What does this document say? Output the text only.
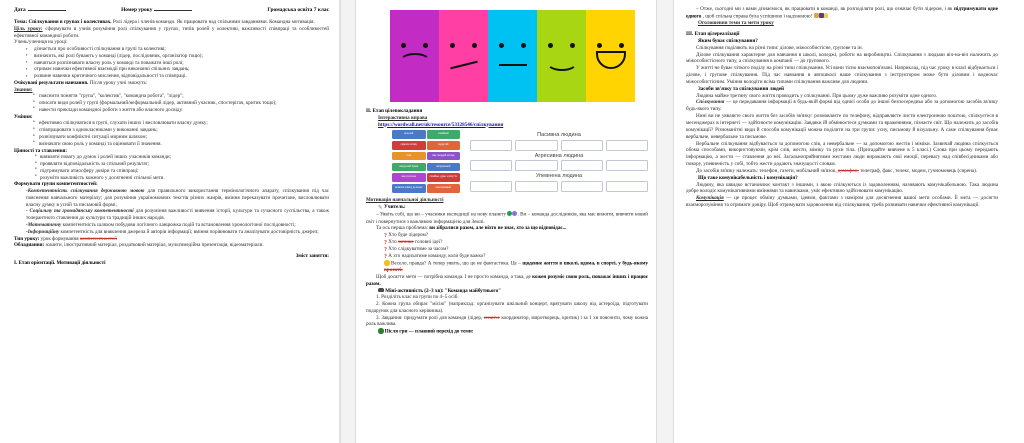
Дата	Номер уроку	Громадська освіта 7 клас

Тема: Спілкування в групах і колективах. Ролі лідера і членів команди. Як працювати над спільними завданнями. Командна мотивація.

Ціль уроку: сформувати в учнів розуміння ролі спілкування у групах, типів ролей у колективі, важливості співпраці та особливостей ефективної командної роботи.

Учень/учениця на уроці:

▪ дізнається про особливості спілкування в групі та колективі;
▪ визначить, які ролі бувають у команді (лідер, послідовник, організатор тощо);
▪ навчиться розпізнавати власну роль у команді та поважати інші ролі;
▪ отримає навички ефективної взаємодії при виконанні спільних завдань;
▪ розвине навички критичного мислення, відповідальності та співпраці.

Очікувані результати навчання. Після уроку учні зможуть:

Знання:

• пояснити поняття "група", "колектив", "командна робота", "лідер";
• описати види ролей у групі (формальний/неформальний лідер, активний учасник, спостерігач, критик тощо);
• навести приклади командної роботи з життя або власного досвіду.

Уміння:

• ефективно спілкуватися в групі, слухати інших і висловлювати власну думку;
• співпрацювати з однокласниками у виконанні завдань;
• розв'язувати конфліктні ситуації мирним шляхом;
• визначати свою роль у команді та оцінювати її значення.

Цінності та ставлення:

• виявляти повагу до думок і ролей інших учасників команди;
• проявляти відповідальність за спільний результат;
• підтримувати атмосферу довіри та співпраці;
• розуміти важливість кожного у досягненні спільної мети.

Формувати групи компетентностей:

-Компетентність спілкування державною мовою для правильного використання термінологічного апарату, спілкування під час пояснення навчального матеріалу; для розуміння україномовних текстів різних жанрів, вміння переказувати прочитане, висловлювати власну думку в усній та письмовій формі;

- Соціальну та громадянську компетентності для розуміння важливості вивчення історії, культури та сучасного суспільства, а також толерантного ставлення до культури та традицій інших народів.

-Математичну компетентність шляхом побудови логічного ланцюжка подій та встановлення хронологічної послідовності;

-Інформаційну компетентність для виявлення джерела й авторів інформації; вміння порівнювати та аналізувати достовірність джерел;

Тип уроку: урок формування компетентностей

Обладнання: зошити, ілюстративний матеріал, роздатковий матеріал, мультимедійна презентація, відеоматеріали.

Зміст заняття:

I. Етап орієнтації. Мотивації діяльності

II. Етап цілепокладання

Інтерактивна вправа

https://wordwall.net/uk/resource/53328546/спілкування

рішучий	спокійний
підняти голову	сердитий
тихо	має твердий погляд
нахурений брови	натуральний
має уголосно	спокійно, дуже з почуття
виявляє повагу до інших	нерозкований
Пасивна людина
Агресивна людина
Упевнена людина

Мотивація навчальної діяльності

✎ Учитель:

– Уявіть собі, що ви – учасники експедиції на нову планету . Ви – команда дослідників, яка має вижити, вивчити новий світ і повернутися з важливою інформацією для Землі.

Та ось перша проблема: ви зібралися разом, але ніхто не знає, хто за що відповідає...

? Хто буде лідером?

? Хто запише головні ідеї?

? Хто слідкуватиме за часом?

? А хто надихатиме команду, коли буде важко?

Весело, правда? А тепер уявіть, що це не фантастика. Це – щоденне життя в школі, вдома, в спорті, у будь-якому проєкті.

Щоб досягти мети — потрібна команда. І не просто команда, а така, де кожен розуміє свою роль, поважає інших і працює разом.

Міні-активність (2–3 хв): "Команда майбутнього"

1. Розділіть клас на групи по 4–5 осіб.

2. Кожна група обирає "місію" (наприклад: організувати шкільний концерт, врятувати школу від астероїда, підготувати подарунок для класного керівника).

3. Завдання: придумати ролі для команди (лідер, creative координатор, миротворець, критик) і за 1 хв пояснити, чому кожна роль важлива.

Після гри — плавний перехід до теми:

– Отже, сьогодні ми з вами дізнаємося, як працювати в команді, як розподіляти ролі, що означає бути лідером, і як підтримувати одне одного , щоб спільна справа була успішною і надхненою!

Оголошення теми та мети уроку

III. Етап цілереалізації

Яким буває спілкування?

Спілкування поділяють на різні типи: ділове, міжособистісне, групове та ін.

Ділове спілкування характерне для навчання в школі, коледжі, роботи на виробництві. Спілкування з людьми віч-на-віч належить до міжособистісного типу, а спілкування в компанії — до групового.

У житті не буває чіткого поділу на різні типи спілкування. Усі вони тісно взаємопов'язані. Наприклад, під час уроку в класі відбувається і ділове, і групове спілкування. Під час навчання в автошколі наше спілкування з інструктором може бути діловим і водночас міжособистісним. Уміння володіти всіма типами спілкування важливе для людини.

Засоби зв'язку та спілкування людей

Людина майже третину свого життя проводить у спілкуванні. При цьому дуже важливо розуміти одне одного.

Спілкування — це передавання інформації в будь-якій формі від однієї особи до іншої безпосередньо або за допомогою засобів зв'язку будь-якого типу.

Нині ви не уявляєте свого життя без засобів зв'язку: розмовляєте по телефону, відправляєте листи електронною поштою, спілкуєтеся в месенджерах в інтернеті — здійснюєте комунікацію. Завдяки їй обмінюєтеся думками та враженнями, пізнаєте світ. Що належить до засобів комунікації? Різноманітні види й способи комунікації можна поділити на три групи: усну, письмову й візуальну. А саме спілкування буває вербальне, невербальне та письмове.

Вербальне спілкування відбувається за допомогою слів, а невербальне — за допомогою жестів і міміки. Зазвичай людина спілкується обома способами, використовуючи, крім слів, жести, міміку та рухи тіла. (Пригадайте вивчене в 5 класі.) Слова при цьому передають інформацію, а жести — ставлення до неї. Загальноприйнятими жестами люди виражають свої емоції, перевагу над співбесідниками або покору, упевненість у собі, тобто жести додають значущості словам.

До засобів зв'язку належать: телефон, газети, мобільний зв'язок, домофон, телеграф, факс, телекс, модем, гучномовець (сирена).

Що таке комунікабельність і комунікація?

Людину, яка швидко встановлює контакт з іншими, з якою спілкуються із задоволенням, називають комунікабельною. Така людина добре володіє комунікативними вміннями та навичками, уміє ефективно здійснювати комунікацію.

Комунікація — це процес обміну думками, ідеями, фактами з наміром для досягнення вашої мети особами. Її мета — досягти взаєморозуміння та отримати довіру. Щоб отримувати задоволення від спілкування, треба розвивати навички ефективної комунікації.
